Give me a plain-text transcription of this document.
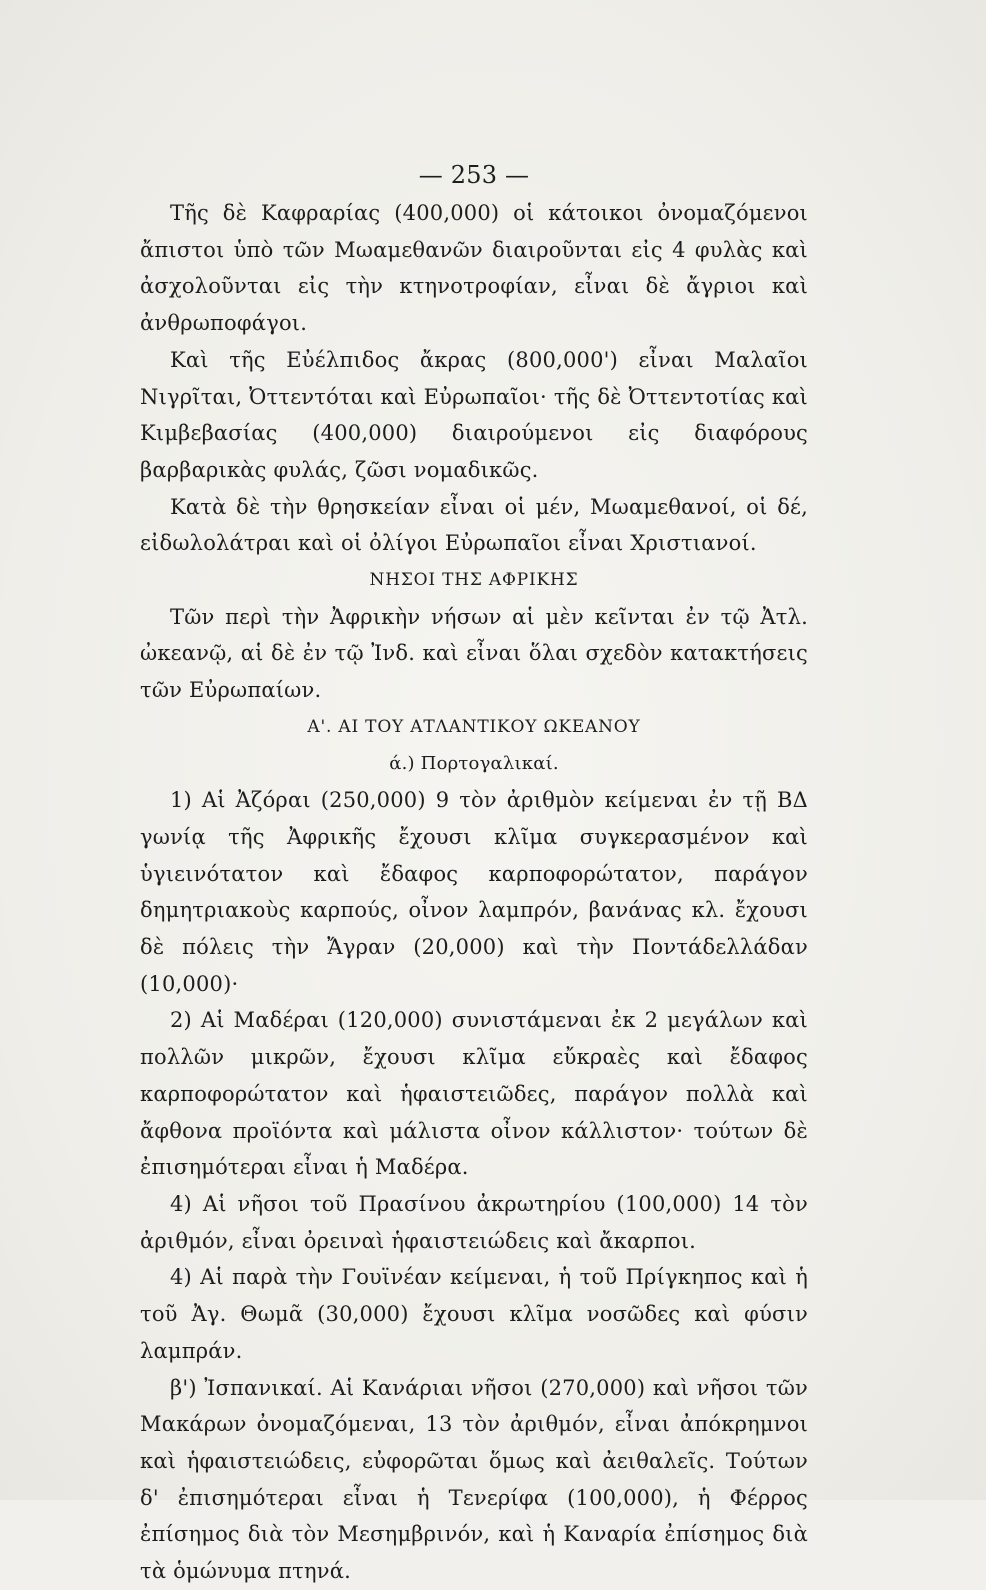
— 253 —

Τῆς δὲ Καφραρίας (400,000) οἱ κάτοικοι ὀνομαζόμενοι ἄπιστοι ὑπὸ τῶν Μωαμεθανῶν διαιροῦνται εἰς 4 φυλὰς καὶ ἀσχολοῦνται εἰς τὴν κτηνοτροφίαν, εἶναι δὲ ἄγριοι καὶ ἀνθρωποφάγοι.

Καὶ τῆς Εὐέλπιδος ἄκρας (800,000') εἶναι Μαλαῖοι Νιγρῖται, Ὀττεντόται καὶ Εὐρωπαῖοι· τῆς δὲ Ὀττεντοτίας καὶ Κιμβεβασίας (400,000) διαιρούμενοι εἰς διαφόρους βαρβαρικὰς φυλάς, ζῶσι νομαδικῶς.

Κατὰ δὲ τὴν θρησκείαν εἶναι οἱ μέν, Μωαμεθανοί, οἱ δέ, εἰδωλολάτραι καὶ οἱ ὀλίγοι Εὐρωπαῖοι εἶναι Χριστιανοί.

ΝΗΣΟΙ ΤΗΣ ΑΦΡΙΚΗΣ

Τῶν περὶ τὴν Ἀφρικὴν νήσων αἱ μὲν κεῖνται ἐν τῷ Ἀτλ. ὠκεανῷ, αἱ δὲ ἐν τῷ Ἰνδ. καὶ εἶναι ὅλαι σχεδὸν κατακτήσεις τῶν Εὐρωπαίων.

Α'. ΑΙ ΤΟΥ ΑΤΛΑΝΤΙΚΟΥ ΩΚΕΑΝΟΥ
ά.) Πορτογαλικαί.

1) Αἱ Ἀζόραι (250,000) 9 τὸν ἀριθμὸν κείμεναι ἐν τῇ ΒΔ γωνίᾳ τῆς Ἀφρικῆς ἔχουσι κλῖμα συγκερασμένον καὶ ὑγιεινότατον καὶ ἔδαφος καρποφορώτατον, παράγον δημητριακοὺς καρπούς, οἶνον λαμπρόν, βανάνας κλ. ἔχουσι δὲ πόλεις τὴν Ἄγραν (20,000) καὶ τὴν Ποντάδελλάδαν (10,000)·

2) Αἱ Μαδέραι (120,000) συνιστάμεναι ἐκ 2 μεγάλων καὶ πολλῶν μικρῶν, ἔχουσι κλῖμα εὔκραὲς καὶ ἔδαφος καρποφορώτατον καὶ ἡφαιστειῶδες, παράγον πολλὰ καὶ ἄφθονα προϊόντα καὶ μάλιστα οἶνον κάλλιστον· τούτων δὲ ἐπισημότεραι εἶναι ἡ Μαδέρα.

4) Αἱ νῆσοι τοῦ Πρασίνου ἀκρωτηρίου (100,000) 14 τὸν ἀριθμόν, εἶναι ὀρειναὶ ἡφαιστειώδεις καὶ ἄκαρποι.

4) Αἱ παρὰ τὴν Γουϊνέαν κείμεναι, ἡ τοῦ Πρίγκηπος καὶ ἡ τοῦ Ἀγ. Θωμᾶ (30,000) ἔχουσι κλῖμα νοσῶδες καὶ φύσιν λαμπράν.

β') Ἰσπανικαί. Αἱ Κανάριαι νῆσοι (270,000) καὶ νῆσοι τῶν Μακάρων ὀνομαζόμεναι, 13 τὸν ἀριθμόν, εἶναι ἀπόκρημνοι καὶ ἡφαιστειώδεις, εὐφορῶται ὅμως καὶ ἀειθαλεῖς. Τούτων δ' ἐπισημότεραι εἶναι ἡ Τενερίφα (100,000), ἡ Φέρρος ἐπίσημος διὰ τὸν Μεσημβρινόν, καὶ ἡ Καναρία ἐπίσημος διὰ τὰ ὁμώνυμα πτηνά.
